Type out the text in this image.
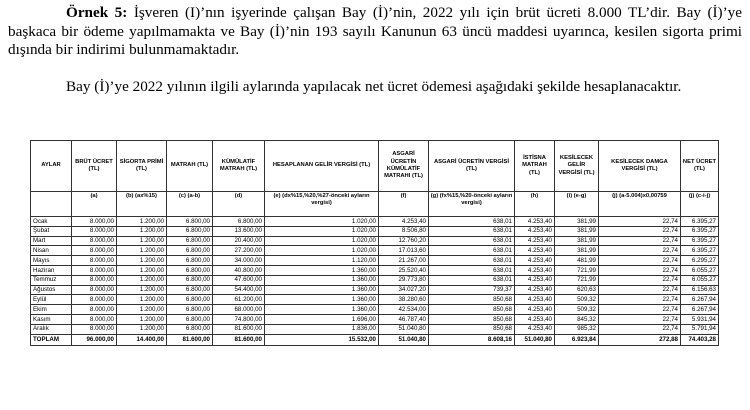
Örnek 5: İşveren (I)’nın işyerinde çalışan Bay (İ)’nin, 2022 yılı için brüt ücreti 8.000 TL’dir. Bay (İ)’ye başkaca bir ödeme yapılmamakta ve Bay (İ)’nin 193 sayılı Kanunun 63 üncü maddesi uyarınca, kesilen sigorta primi dışında bir indirimi bulunmamaktadır.

Bay (İ)’ye 2022 yılının ilgili aylarında yapılacak net ücret ödemesi aşağıdaki şekilde hesaplanacaktır.

AYLAR	BRÜT ÜCRET (TL)	SİGORTA PRİMİ (TL)	MATRAH (TL)	KÜMÜLATİF MATRAH (TL)	HESAPLANAN GELİR VERGİSİ (TL)	ASGARİ ÜCRETİN KÜMÜLATİF MATRAHI (TL)	ASGARİ ÜCRETİN VERGİSİ (TL)	İSTİSNA MATRAH (TL)	KESİLECEK GELİR VERGİSİ (TL)	KESİLECEK DAMGA VERGİSİ (TL)	NET ÜCRET (TL)
	(a)	(b) (ax%15)	(c) (a-b)	(d)	(e) (dx%15,%20,%27-önceki ayların vergisi)	(f)	(g) (fx%15,%20-önceki ayların vergisi)	(h)	(i) (e-g)	(j) (a-5.004)x0,00759	(j) (c-i-j)
Ocak	8.000,00	1.200,00	6.800,00	6.800,00	1.020,00	4.253,40	638,01	4.253,40	381,99	22,74	6.395,27
Şubat	8.000,00	1.200,00	6.800,00	13.600,00	1.020,00	8.506,80	638,01	4.253,40	381,99	22,74	6.395,27
Mart	8.000,00	1.200,00	6.800,00	20.400,00	1.020,00	12.760,20	638,01	4.253,40	381,99	22,74	6.395,27
Nisan	8.000,00	1.200,00	6.800,00	27.200,00	1.020,00	17.013,60	638,01	4.253,40	381,99	22,74	6.395,27
Mayıs	8.000,00	1.200,00	6.800,00	34.000,00	1.120,00	21.267,00	638,01	4.253,40	481,99	22,74	6.295,27
Haziran	8.000,00	1.200,00	6.800,00	40.800,00	1.360,00	25.520,40	638,01	4.253,40	721,99	22,74	6.055,27
Temmuz	8.000,00	1.200,00	6.800,00	47.600,00	1.360,00	29.773,80	638,01	4.253,40	721,99	22,74	6.055,27
Ağustos	8.000,00	1.200,00	6.800,00	54.400,00	1.360,00	34.027,20	739,37	4.253,40	620,63	22,74	6.156,63
Eylül	8.000,00	1.200,00	6.800,00	61.200,00	1.360,00	38.280,60	850,68	4.253,40	509,32	22,74	6.267,94
Ekim	8.000,00	1.200,00	6.800,00	68.000,00	1.360,00	42.534,00	850,68	4.253,40	509,32	22,74	6.267,94
Kasım	8.000,00	1.200,00	6.800,00	74.800,00	1.696,00	46.787,40	850,68	4.253,40	845,32	22,74	5.931,94
Aralık	8.000,00	1.200,00	6.800,00	81.600,00	1.836,00	51.040,80	850,68	4.253,40	985,32	22,74	5.791,94
TOPLAM	96.000,00	14.400,00	81.600,00	81.600,00	15.532,00	51.040,80	8.608,16	51.040,80	6.923,84	272,88	74.403,28
